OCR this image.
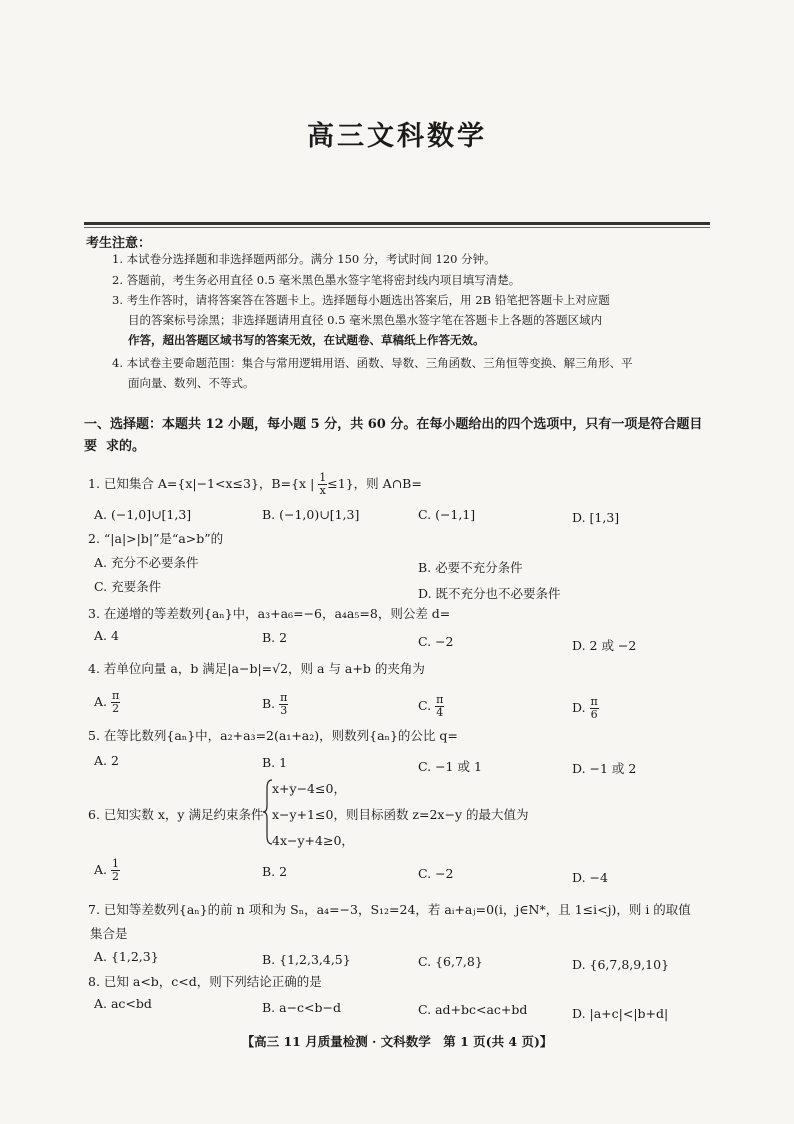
高三文科数学
考生注意：
1. 本试卷分选择题和非选择题两部分。满分 150 分，考试时间 120 分钟。
2. 答题前，考生务必用直径 0.5 毫米黑色墨水签字笔将密封线内项目填写清楚。
3. 考生作答时，请将答案答在答题卡上。选择题每小题选出答案后，用 2B 铅笔把答题卡上对应题
目的答案标号涂黑；非选择题请用直径 0.5 毫米黑色墨水签字笔在答题卡上各题的答题区域内
作答，超出答题区域书写的答案无效，在试题卷、草稿纸上作答无效。
4. 本试卷主要命题范围：集合与常用逻辑用语、函数、导数、三角函数、三角恒等变换、解三角形、平
面向量、数列、不等式。
一、选择题：本题共 12 小题，每小题 5 分，共 60 分。在每小题给出的四个选项中，只有一项是符合题目要 求的。
1. 已知集合 A={x|−1<x≤3}，B={x | $\frac{1}{x} \le 1$}，则 A∩B=
A. (−1,0]∪[1,3]	B. (−1,0)∪[1,3]	C. (−1,1]	D. [1,3]
2. “|a|>|b|”是“a>b”的
A. 充分不必要条件	B. 必要不充分条件
C. 充要条件	D. 既不充分也不必要条件
3. 在递增的等差数列{aₙ}中，a₃+a₆=−6，a₄a₅=8，则公差 d=
A. 4	B. 2	C. −2	D. 2 或 −2
4. 若单位向量 a，b 满足|a−b|=√2，则 a 与 a+b 的夹角为
A. $\frac{\pi}{2}$	B. $\frac{\pi}{3}$	C. $\frac{\pi}{4}$	D. $\frac{\pi}{6}$
5. 在等比数列{aₙ}中，a₂+a₃=2(a₁+a₂)，则数列{aₙ}的公比 q=
A. 2	B. 1	C. −1 或 1	D. −1 或 2
6. 已知实数 x，y 满足约束条件
x+y−4≤0，
x−y+1≤0，则目标函数 z=2x−y 的最大值为
4x−y+4≥0，
A. $\frac{1}{2}$	B. 2	C. −2	D. −4
7. 已知等差数列{aₙ}的前 n 项和为 Sₙ，a₄=−3，S₁₂=24，若 aᵢ+aⱼ=0(i，j∈N*，且 1≤i<j)，则 i 的取值
集合是
A. {1,2,3}	B. {1,2,3,4,5}	C. {6,7,8}	D. {6,7,8,9,10}
8. 已知 a<b，c<d，则下列结论正确的是
A. ac<bd	B. a−c<b−d	C. ad+bc<ac+bd	D. |a+c|<|b+d|
【高三 11 月质量检测 · 文科数学　第 1 页(共 4 页)】
